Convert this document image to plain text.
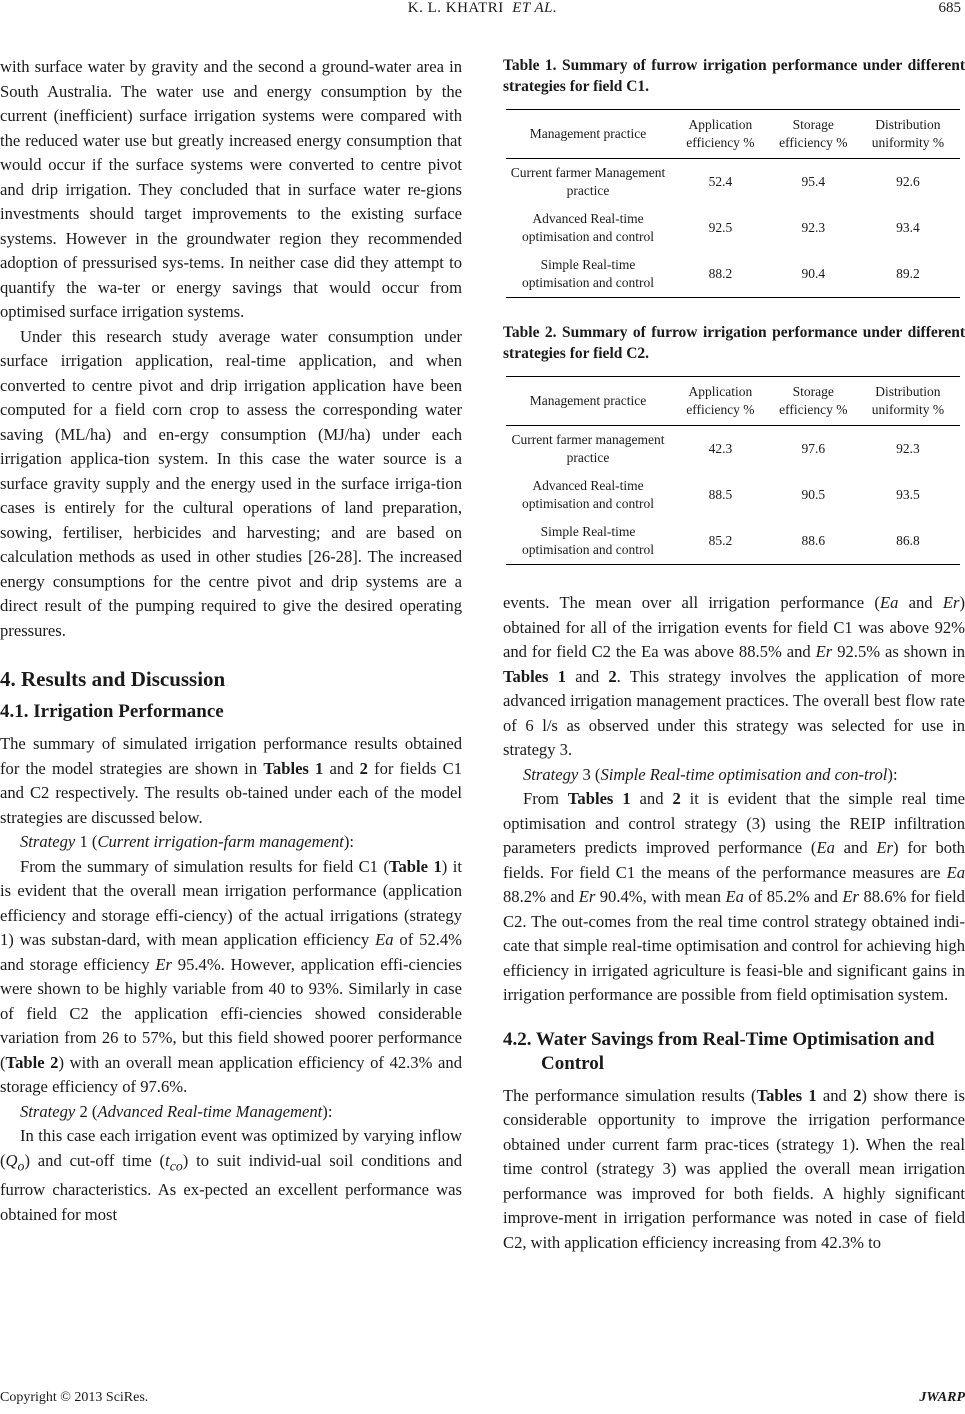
K. L. KHATRI ET AL.	685

with surface water by gravity and the second a ground-water area in South Australia. The water use and energy consumption by the current (inefficient) surface irrigation systems were compared with the reduced water use but greatly increased energy consumption that would occur if the surface systems were converted to centre pivot and drip irrigation. They concluded that in surface water re-gions investments should target improvements to the existing surface systems. However in the groundwater region they recommended adoption of pressurised sys-tems. In neither case did they attempt to quantify the wa-ter or energy savings that would occur from optimised surface irrigation systems.

Under this research study average water consumption under surface irrigation application, real-time application, and when converted to centre pivot and drip irrigation application have been computed for a field corn crop to assess the corresponding water saving (ML/ha) and en-ergy consumption (MJ/ha) under each irrigation applica-tion system. In this case the water source is a surface gravity supply and the energy used in the surface irriga-tion cases is entirely for the cultural operations of land preparation, sowing, fertiliser, herbicides and harvesting; and are based on calculation methods as used in other studies [26-28]. The increased energy consumptions for the centre pivot and drip systems are a direct result of the pumping required to give the desired operating pressures.

4. Results and Discussion
4.1. Irrigation Performance

The summary of simulated irrigation performance results obtained for the model strategies are shown in Tables 1 and 2 for fields C1 and C2 respectively. The results ob-tained under each of the model strategies are discussed below.

Strategy 1 (Current irrigation-farm management):

From the summary of simulation results for field C1 (Table 1) it is evident that the overall mean irrigation performance (application efficiency and storage effi-ciency) of the actual irrigations (strategy 1) was substan-dard, with mean application efficiency Ea of 52.4% and storage efficiency Er 95.4%. However, application effi-ciencies were shown to be highly variable from 40 to 93%. Similarly in case of field C2 the application effi-ciencies showed considerable variation from 26 to 57%, but this field showed poorer performance (Table 2) with an overall mean application efficiency of 42.3% and storage efficiency of 97.6%.

Strategy 2 (Advanced Real-time Management):

In this case each irrigation event was optimized by varying inflow $(Q_o)$ and cut-off time $(t_{co})$ to suit individ-ual soil conditions and furrow characteristics. As ex-pected an excellent performance was obtained for most

Table 1. Summary of furrow irrigation performance under different strategies for field C1.
Management practice	Application efficiency %	Storage efficiency %	Distribution uniformity %
Current farmer Management practice	52.4	95.4	92.6
Advanced Real-time optimisation and control	92.5	92.3	93.4
Simple Real-time optimisation and control	88.2	90.4	89.2
Table 2. Summary of furrow irrigation performance under different strategies for field C2.
Management practice	Application efficiency %	Storage efficiency %	Distribution uniformity %
Current farmer management practice	42.3	97.6	92.3
Advanced Real-time optimisation and control	88.5	90.5	93.5
Simple Real-time optimisation and control	85.2	88.6	86.8

events. The mean over all irrigation performance (Ea and Er) obtained for all of the irrigation events for field C1 was above 92% and for field C2 the Ea was above 88.5% and Er 92.5% as shown in Tables 1 and 2. This strategy involves the application of more advanced irrigation management practices. The overall best flow rate of 6 l/s as observed under this strategy was selected for use in strategy 3.

Strategy 3 (Simple Real-time optimisation and con-trol):

From Tables 1 and 2 it is evident that the simple real time optimisation and control strategy (3) using the REIP infiltration parameters predicts improved performance (Ea and Er) for both fields. For field C1 the means of the performance measures are Ea 88.2% and Er 90.4%, with mean Ea of 85.2% and Er 88.6% for field C2. The out-comes from the real time control strategy obtained indi-cate that simple real-time optimisation and control for achieving high efficiency in irrigated agriculture is feasi-ble and significant gains in irrigation performance are possible from field optimisation system.

4.2. Water Savings from Real-Time Optimisation and Control

The performance simulation results (Tables 1 and 2) show there is considerable opportunity to improve the irrigation performance obtained under current farm prac-tices (strategy 1). When the real time control (strategy 3) was applied the overall mean irrigation performance was improved for both fields. A highly significant improve-ment in irrigation performance was noted in case of field C2, with application efficiency increasing from 42.3% to

Copyright © 2013 SciRes.	JWARP
